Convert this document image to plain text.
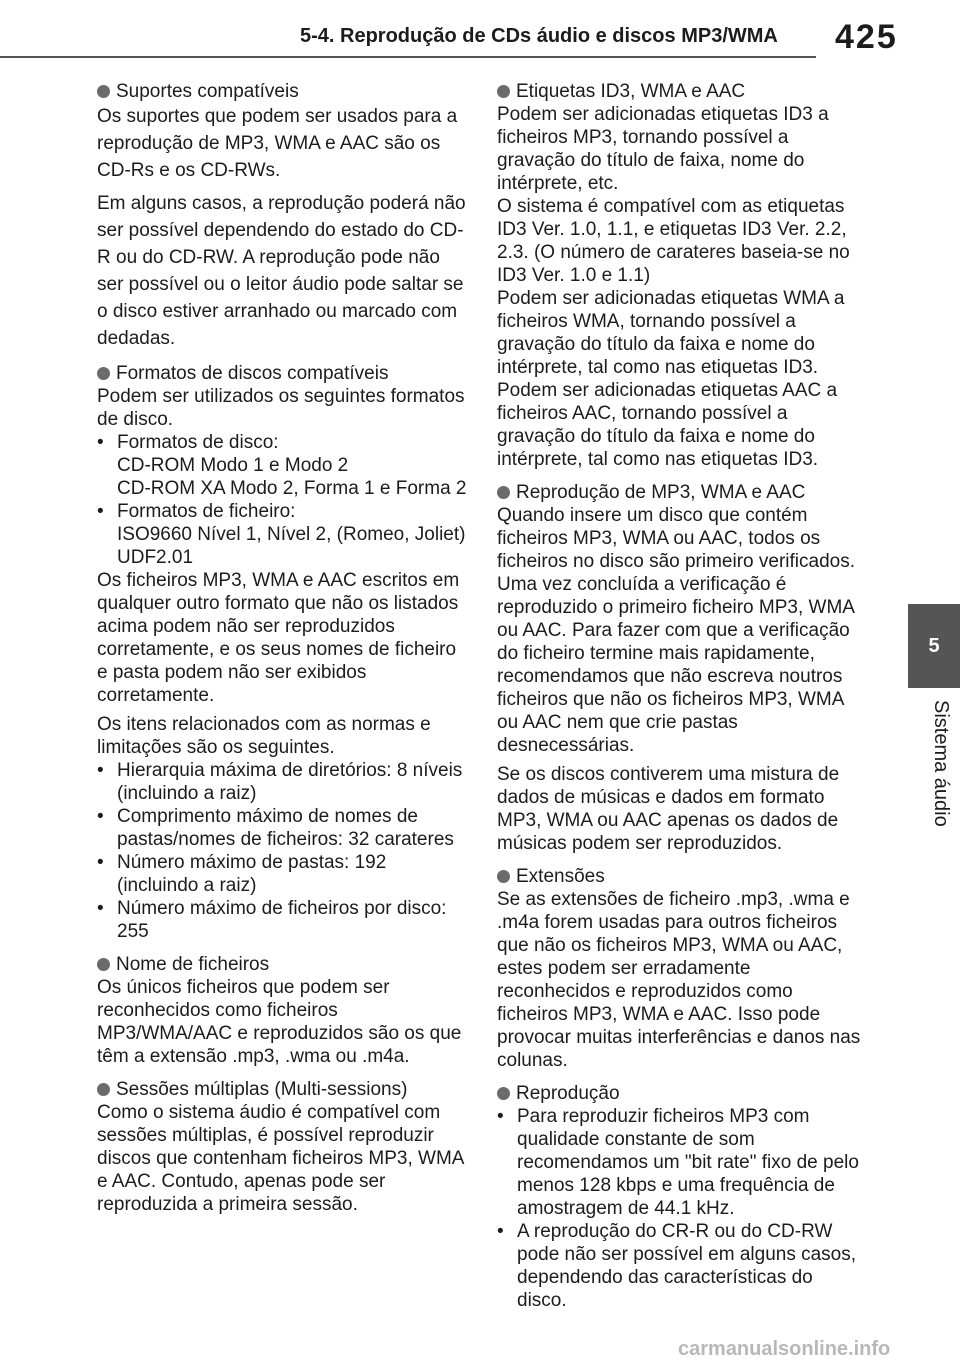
5-4. Reprodução de CDs áudio e discos MP3/WMA 425
5
Sistema áudio
Suportes compatíveis

Os suportes que podem ser usados para a reprodução de MP3, WMA e AAC são os CD-Rs e os CD-RWs.

Em alguns casos, a reprodução poderá não ser possível dependendo do estado do CD-R ou do CD-RW. A reprodução pode não ser possível ou o leitor áudio pode saltar se o disco estiver arranhado ou marcado com dedadas.

Formatos de discos compatíveis
Podem ser utilizados os seguintes formatos de disco.
• Formatos de disco:
CD-ROM Modo 1 e Modo 2
CD-ROM XA Modo 2, Forma 1 e Forma 2
• Formatos de ficheiro:
ISO9660 Nível 1, Nível 2, (Romeo, Joliet)
UDF2.01

Os ficheiros MP3, WMA e AAC escritos em qualquer outro formato que não os listados acima podem não ser reproduzidos corretamente, e os seus nomes de ficheiro e pasta podem não ser exibidos corretamente.

Os itens relacionados com as normas e limitações são os seguintes.
• Hierarquia máxima de diretórios: 8 níveis (incluindo a raiz)
• Comprimento máximo de nomes de pastas/nomes de ficheiros: 32 carateres
• Número máximo de pastas: 192 (incluindo a raiz)
• Número máximo de ficheiros por disco: 255
Nome de ficheiros

Os únicos ficheiros que podem ser reconhecidos como ficheiros MP3/WMA/AAC e reproduzidos são os que têm a extensão .mp3, .wma ou .m4a.

Sessões múltiplas (Multi-sessions)

Como o sistema áudio é compatível com sessões múltiplas, é possível reproduzir discos que contenham ficheiros MP3, WMA e AAC. Contudo, apenas pode ser reproduzida a primeira sessão.

Etiquetas ID3, WMA e AAC
Podem ser adicionadas etiquetas ID3 a ficheiros MP3, tornando possível a gravação do título de faixa, nome do intérprete, etc.
O sistema é compatível com as etiquetas ID3 Ver. 1.0, 1.1, e etiquetas ID3 Ver. 2.2, 2.3. (O número de carateres baseia-se no ID3 Ver. 1.0 e 1.1)
Podem ser adicionadas etiquetas WMA a ficheiros WMA, tornando possível a gravação do título da faixa e nome do intérprete, tal como nas etiquetas ID3.
Podem ser adicionadas etiquetas AAC a ficheiros AAC, tornando possível a gravação do título da faixa e nome do intérprete, tal como nas etiquetas ID3.
Reprodução de MP3, WMA e AAC

Quando insere um disco que contém ficheiros MP3, WMA ou AAC, todos os ficheiros no disco são primeiro verificados. Uma vez concluída a verificação é reproduzido o primeiro ficheiro MP3, WMA ou AAC. Para fazer com que a verificação do ficheiro termine mais rapidamente, recomendamos que não escreva noutros ficheiros que não os ficheiros MP3, WMA ou AAC nem que crie pastas desnecessárias.

Se os discos contiverem uma mistura de dados de músicas e dados em formato MP3, WMA ou AAC apenas os dados de músicas podem ser reproduzidos.

Extensões

Se as extensões de ficheiro .mp3, .wma e .m4a forem usadas para outros ficheiros que não os ficheiros MP3, WMA ou AAC, estes podem ser erradamente reconhecidos e reproduzidos como ficheiros MP3, WMA e AAC. Isso pode provocar muitas interferências e danos nas colunas.

Reprodução
• Para reproduzir ficheiros MP3 com qualidade constante de som recomendamos um "bit rate" fixo de pelo menos 128 kbps e uma frequência de amostragem de 44.1 kHz.
• A reprodução do CR-R ou do CD-RW pode não ser possível em alguns casos, dependendo das características do disco.
carmanualsonline.info
